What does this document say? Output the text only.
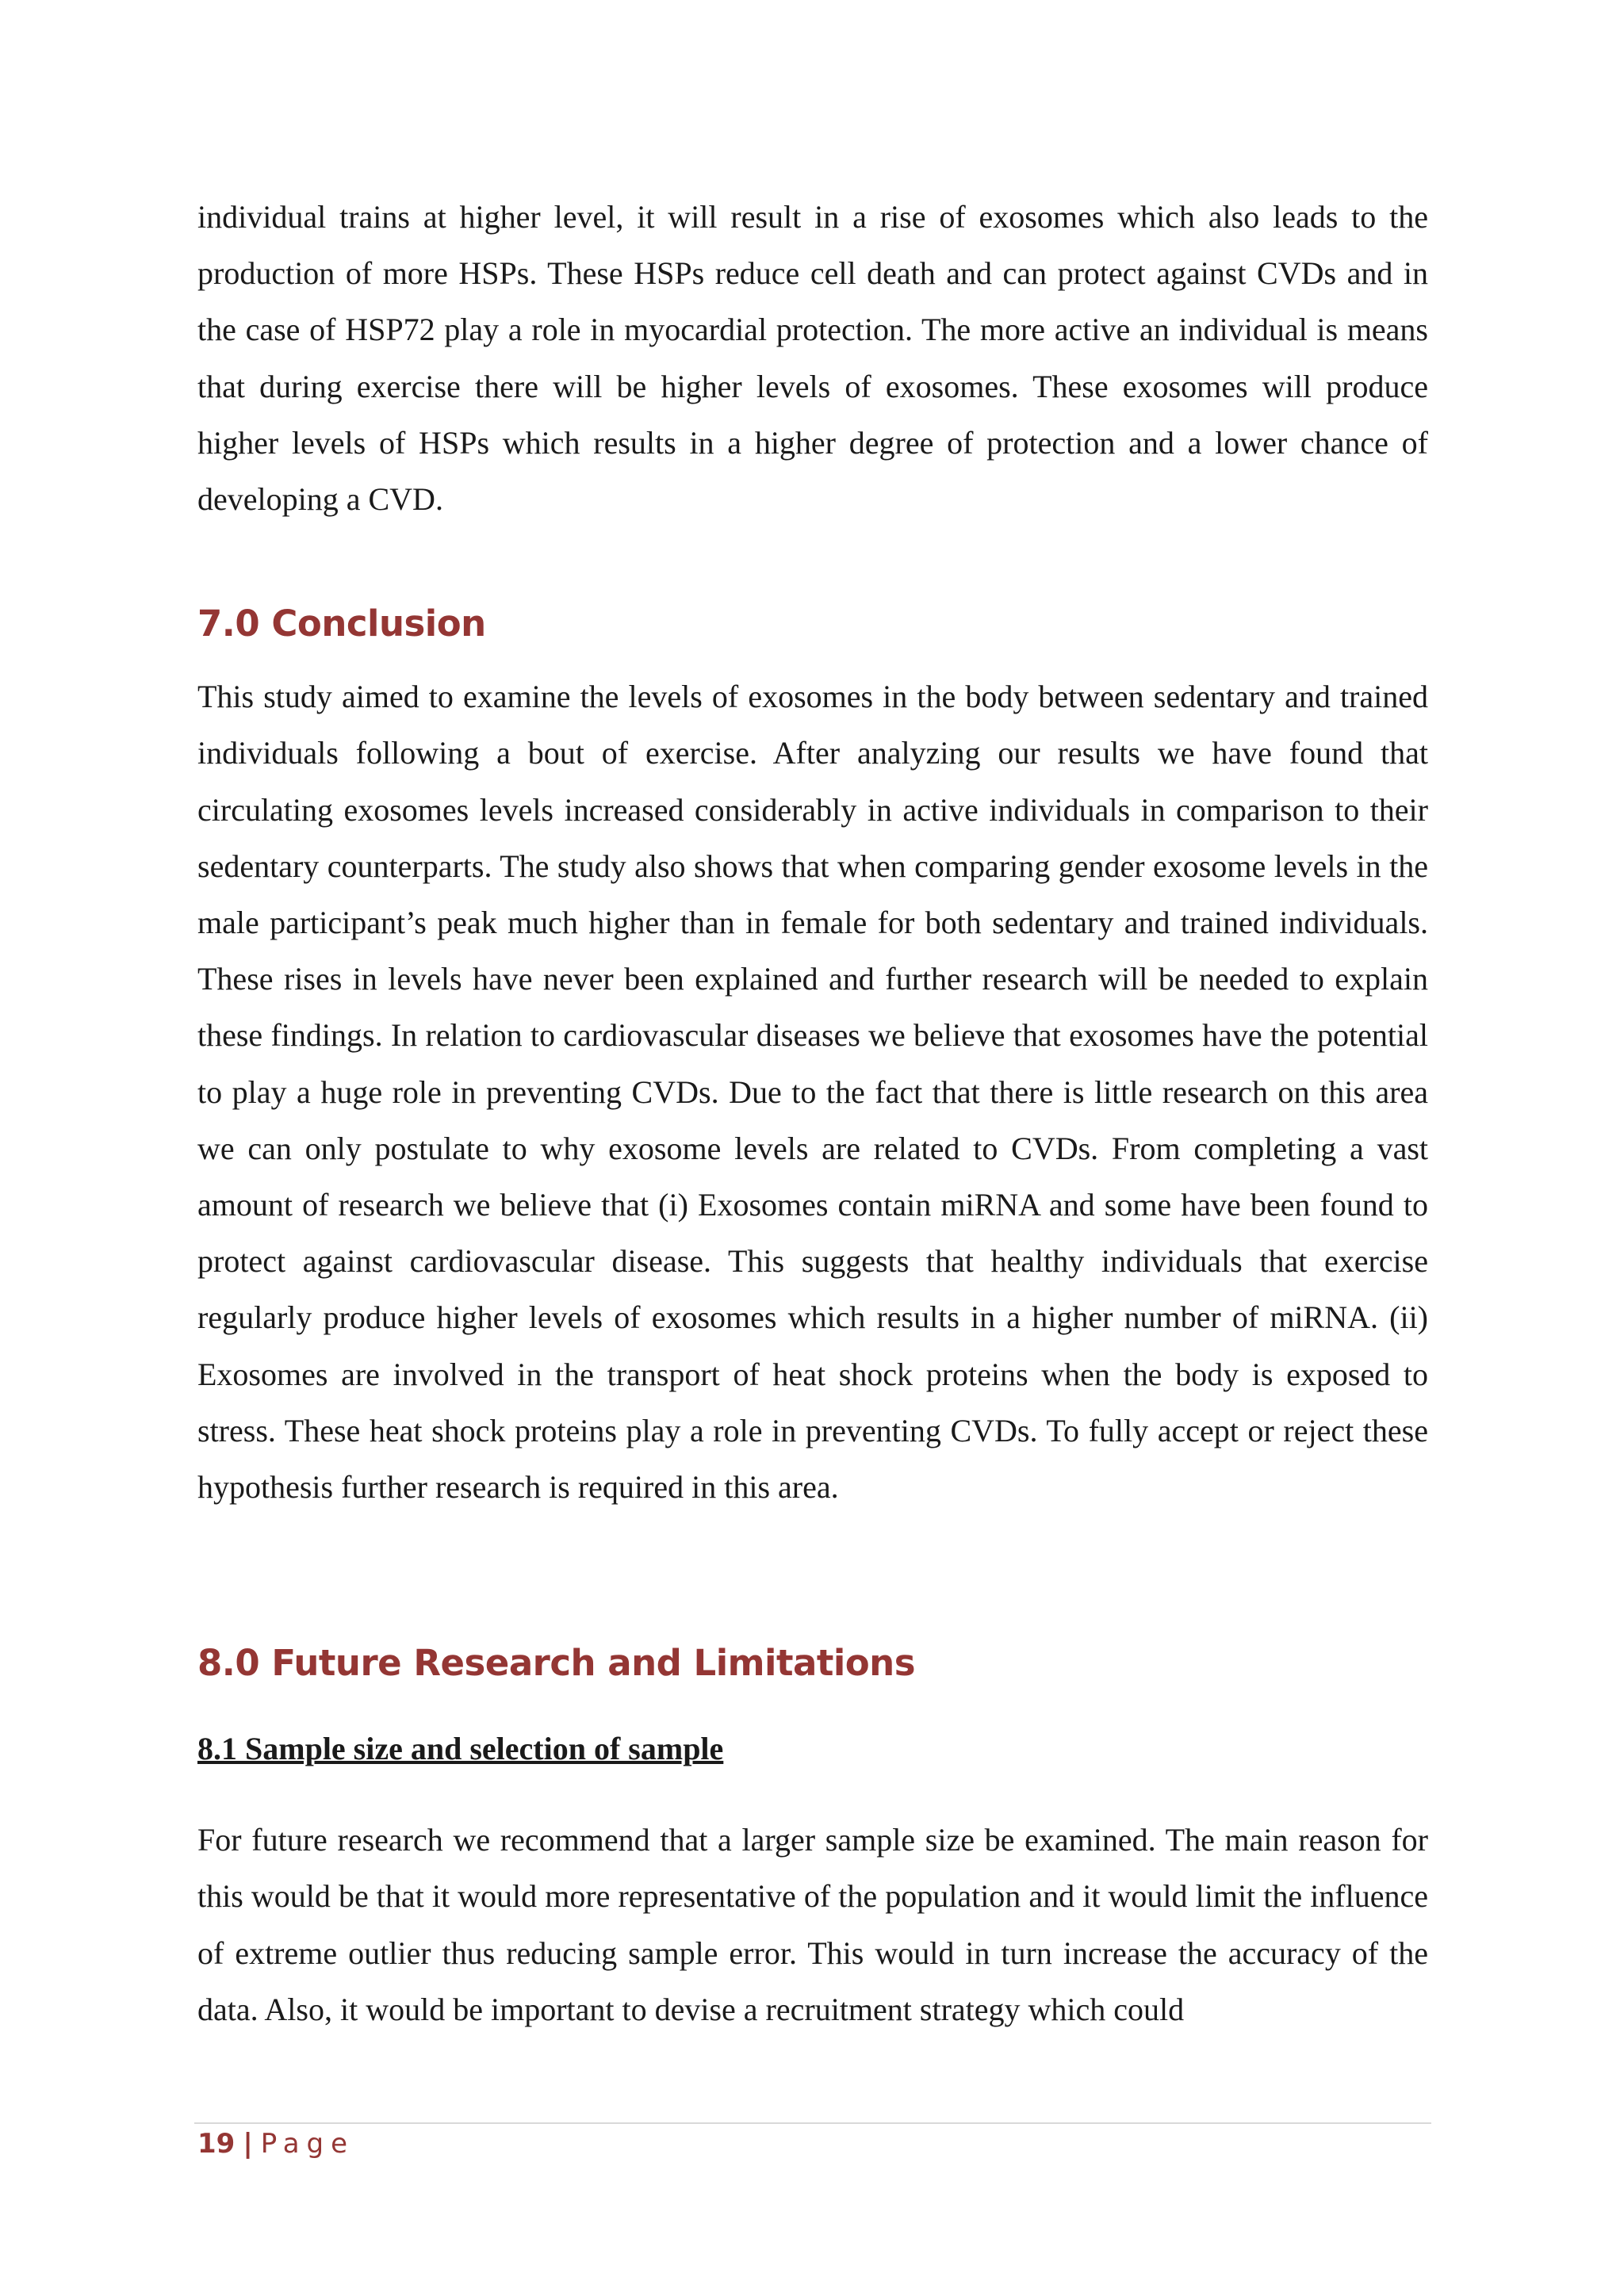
individual trains at higher level, it will result in a rise of exosomes which also leads to the production of more HSPs. These HSPs reduce cell death and can protect against CVDs and in the case of HSP72 play a role in myocardial protection. The more active an individual is means that during exercise there will be higher levels of exosomes. These exosomes will produce higher levels of HSPs which results in a higher degree of protection and a lower chance of developing a CVD.

7.0 Conclusion

This study aimed to examine the levels of exosomes in the body between sedentary and trained individuals following a bout of exercise. After analyzing our results we have found that circulating exosomes levels increased considerably in active individuals in comparison to their sedentary counterparts. The study also shows that when comparing gender exosome levels in the male participant’s peak much higher than in female for both sedentary and trained individuals. These rises in levels have never been explained and further research will be needed to explain these findings. In relation to cardiovascular diseases we believe that exosomes have the potential to play a huge role in preventing CVDs. Due to the fact that there is little research on this area we can only postulate to why exosome levels are related to CVDs. From completing a vast amount of research we believe that (i) Exosomes contain miRNA and some have been found to protect against cardiovascular disease. This suggests that healthy individuals that exercise regularly produce higher levels of exosomes which results in a higher number of miRNA. (ii) Exosomes are involved in the transport of heat shock proteins when the body is exposed to stress. These heat shock proteins play a role in preventing CVDs. To fully accept or reject these hypothesis further research is required in this area.

8.0 Future Research and Limitations
8.1 Sample size and selection of sample

For future research we recommend that a larger sample size be examined. The main reason for this would be that it would more representative of the population and it would limit the influence of extreme outlier thus reducing sample error. This would in turn increase the accuracy of the data. Also, it would be important to devise a recruitment strategy which could

19 | Page
